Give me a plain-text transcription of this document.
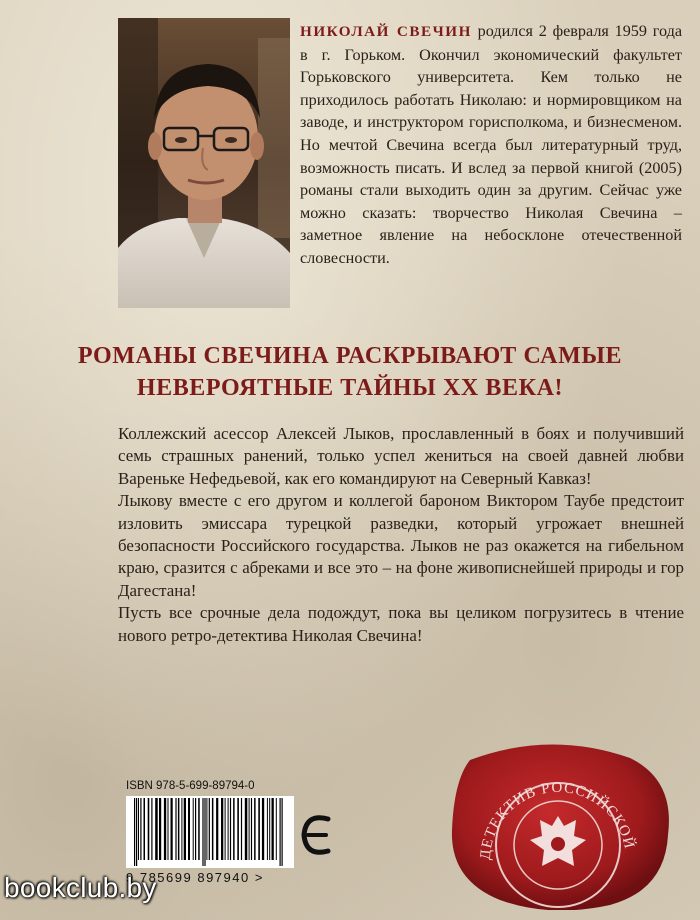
НИКОЛАЙ СВЕЧИН родился 2 февраля 1959 года в г. Горьком. Окончил экономический факультет Горьковского университета. Кем только не приходилось работать Николаю: и нормировщиком на заводе, и инструктором горисполкома, и бизнесменом. Но мечтой Свечина всегда был литературный труд, возможность писать. И вслед за первой книгой (2005) романы стали выходить один за другим. Сейчас уже можно сказать: творчество Николая Свечина – заметное явление на небосклоне отечественной словесности.
РОМАНЫ СВЕЧИНА РАСКРЫВАЮТ САМЫЕ
НЕВЕРОЯТНЫЕ ТАЙНЫ XX ВЕКА!

Коллежский асессор Алексей Лыков, прославленный в боях и получивший семь страшных ранений, только успел жениться на своей давней любви Вареньке Нефедьевой, как его командируют на Северный Кавказ!

Лыкову вместе с его другом и коллегой бароном Виктором Таубе предстоит изловить эмиссара турецкой разведки, который угрожает внешней безопасности Российского государства. Лыков не раз окажется на гибельном краю, сразится с абреками и все это – на фоне живописнейшей природы и гор Дагестана!

Пусть все срочные дела подождут, пока вы целиком погрузитесь в чтение нового ретро-детектива Николая Свечина!

ISBN 978-5-699-89794-0
9 785699 897940 >
ДЕТЕКТИВ РОССИЙСКОЙ
bookclub.by
